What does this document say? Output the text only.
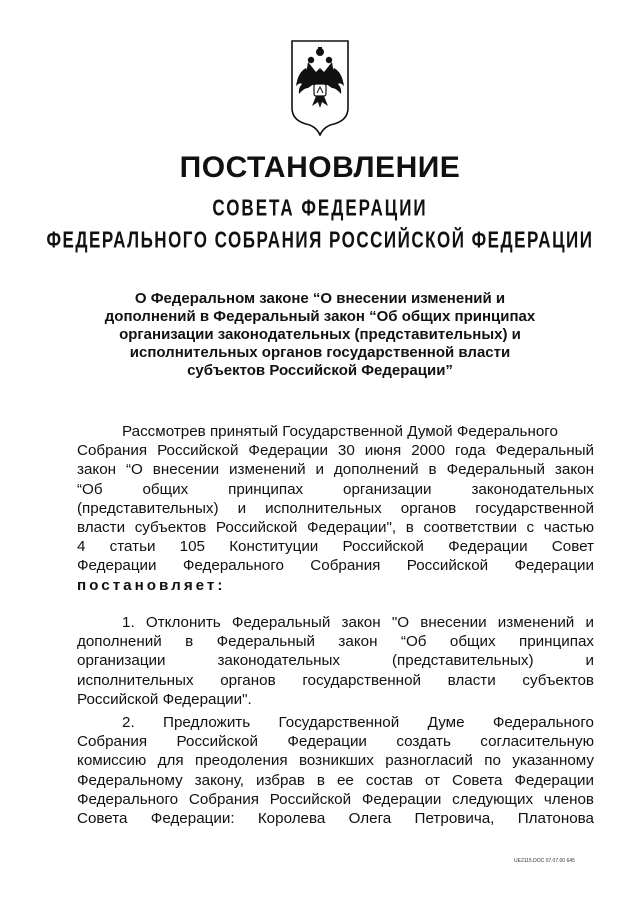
ПОСТАНОВЛЕНИЕ
СОВЕТА ФЕДЕРАЦИИ
ФЕДЕРАЛЬНОГО СОБРАНИЯ РОССИЙСКОЙ ФЕДЕРАЦИИ
О Федеральном законе “О внесении изменений и
дополнений в Федеральный закон “Об общих принципах
организации законодательных (представительных) и
исполнительных органов государственной власти
субъектов Российской Федерации”
Рассмотрев принятый Государственной Думой Федерального
Собрания Российской Федерации 30 июня 2000 года Федеральный
закон “О внесении изменений и дополнений в Федеральный закон
“Об общих принципах организации законодательных
(представительных) и исполнительных органов государственной
власти субъектов Российской Федерации", в соответствии с частью
4 статьи 105 Конституции Российской Федерации Совет
Федерации Федерального Собрания Российской Федерации
постановляет:
1. Отклонить Федеральный закон "О внесении изменений и
дополнений в Федеральный закон “Об общих принципах
организации законодательных (представительных) и
исполнительных органов государственной власти субъектов
Российской Федерации".
2. Предложить Государственной Думе Федерального
Собрания Российской Федерации создать согласительную
комиссию для преодоления возникших разногласий по указанному
Федеральному закону, избрав в ее состав от Совета Федерации
Федерального Собрания Российской Федерации следующих членов
Совета Федерации: Королева Олега Петровича, Платонова
UE2115.DOC 07.07.00 645
